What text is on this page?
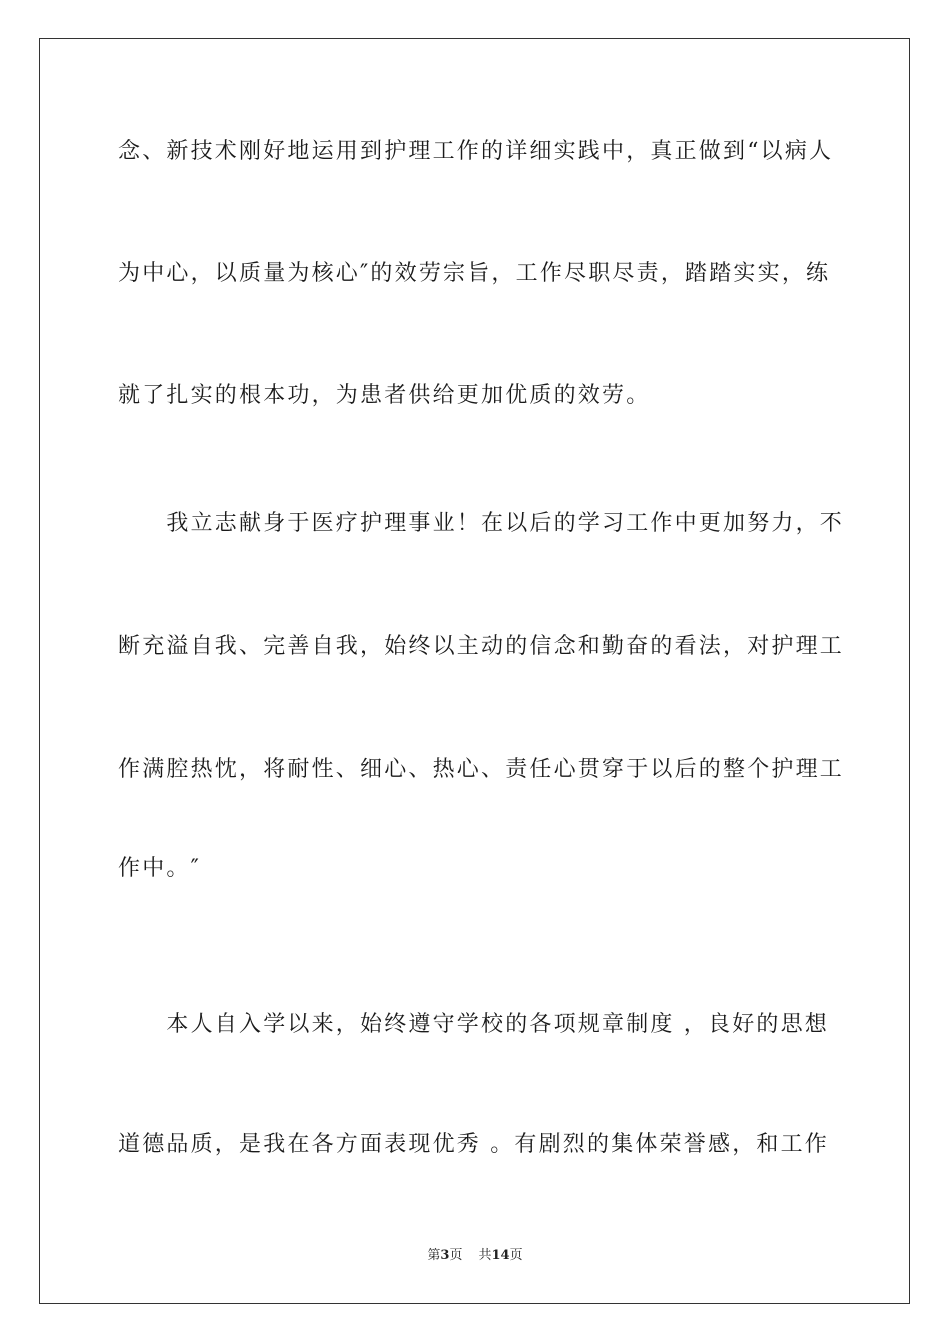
念、新技术刚好地运用到护理工作的详细实践中，真正做到“以病人
为中心，以质量为核心″的效劳宗旨，工作尽职尽责，踏踏实实，练
就了扎实的根本功，为患者供给更加优质的效劳。
　　我立志献身于医疗护理事业！在以后的学习工作中更加努力，不
断充溢自我、完善自我，始终以主动的信念和勤奋的看法，对护理工
作满腔热忱，将耐性、细心、热心、责任心贯穿于以后的整个护理工
作中。″
　　本人自入学以来，始终遵守学校的各项规章制度 ，良好的思想
道德品质，是我在各方面表现优秀 。有剧烈的集体荣誉感，和工作
第3页 共14页
